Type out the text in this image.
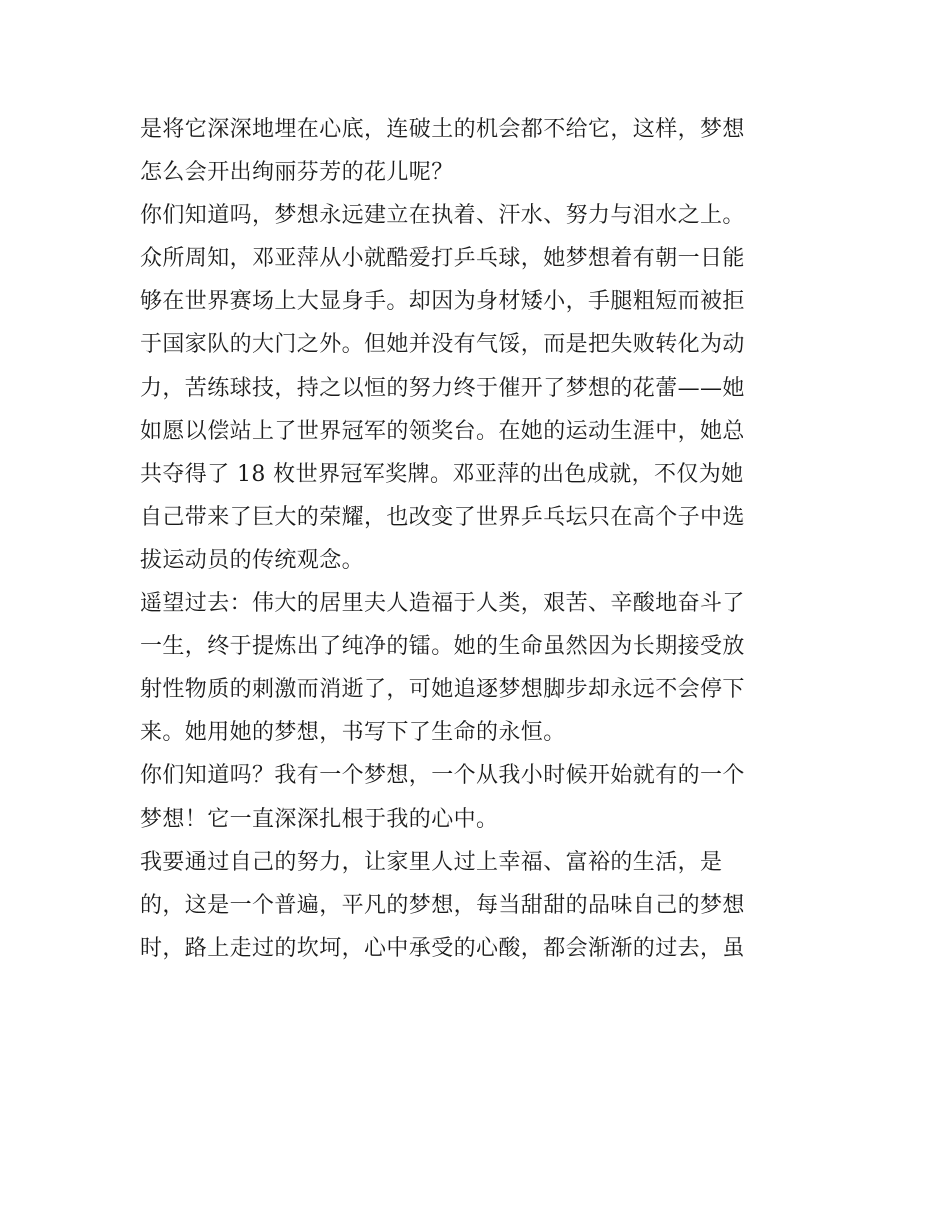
是将它深深地埋在心底，连破土的机会都不给它，这样，梦想
怎么会开出绚丽芬芳的花儿呢？
你们知道吗，梦想永远建立在执着、汗水、努力与泪水之上。
众所周知，邓亚萍从小就酷爱打乒乓球，她梦想着有朝一日能
够在世界赛场上大显身手。却因为身材矮小，手腿粗短而被拒
于国家队的大门之外。但她并没有气馁，而是把失败转化为动
力，苦练球技，持之以恒的努力终于催开了梦想的花蕾——她
如愿以偿站上了世界冠军的领奖台。在她的运动生涯中，她总
共夺得了 18 枚世界冠军奖牌。邓亚萍的出色成就，不仅为她
自己带来了巨大的荣耀，也改变了世界乒乓坛只在高个子中选
拔运动员的传统观念。
遥望过去：伟大的居里夫人造福于人类，艰苦、辛酸地奋斗了
一生，终于提炼出了纯净的镭。她的生命虽然因为长期接受放
射性物质的刺激而消逝了，可她追逐梦想脚步却永远不会停下
来。她用她的梦想，书写下了生命的永恒。
你们知道吗？我有一个梦想，一个从我小时候开始就有的一个
梦想！它一直深深扎根于我的心中。
我要通过自己的努力，让家里人过上幸福、富裕的生活，是
的，这是一个普遍，平凡的梦想，每当甜甜的品味自己的梦想
时，路上走过的坎坷，心中承受的心酸，都会渐渐的过去，虽
